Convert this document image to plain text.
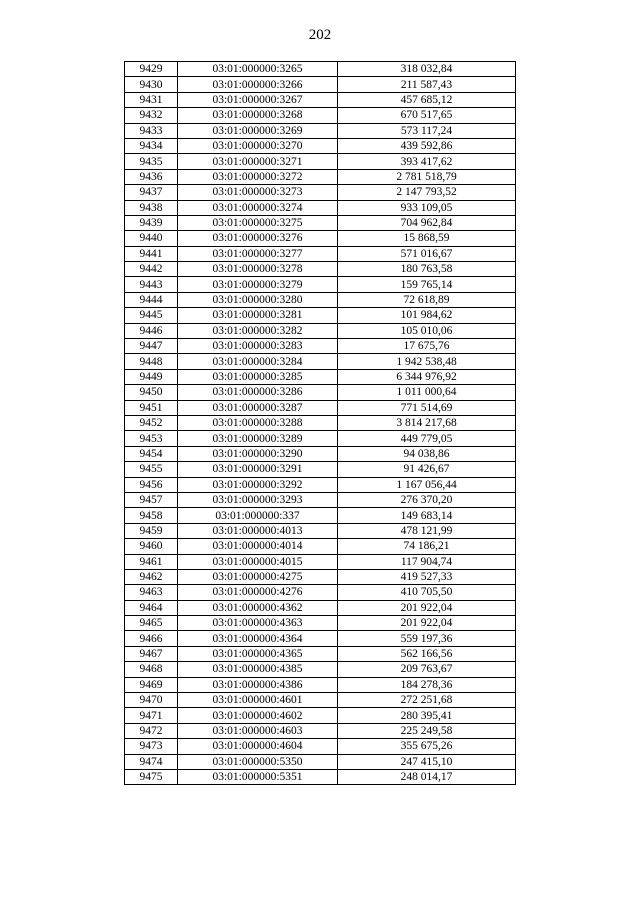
202
9429	03:01:000000:3265	318 032,84
9430	03:01:000000:3266	211 587,43
9431	03:01:000000:3267	457 685,12
9432	03:01:000000:3268	670 517,65
9433	03:01:000000:3269	573 117,24
9434	03:01:000000:3270	439 592,86
9435	03:01:000000:3271	393 417,62
9436	03:01:000000:3272	2 781 518,79
9437	03:01:000000:3273	2 147 793,52
9438	03:01:000000:3274	933 109,05
9439	03:01:000000:3275	704 962,84
9440	03:01:000000:3276	15 868,59
9441	03:01:000000:3277	571 016,67
9442	03:01:000000:3278	180 763,58
9443	03:01:000000:3279	159 765,14
9444	03:01:000000:3280	72 618,89
9445	03:01:000000:3281	101 984,62
9446	03:01:000000:3282	105 010,06
9447	03:01:000000:3283	17 675,76
9448	03:01:000000:3284	1 942 538,48
9449	03:01:000000:3285	6 344 976,92
9450	03:01:000000:3286	1 011 000,64
9451	03:01:000000:3287	771 514,69
9452	03:01:000000:3288	3 814 217,68
9453	03:01:000000:3289	449 779,05
9454	03:01:000000:3290	94 038,86
9455	03:01:000000:3291	91 426,67
9456	03:01:000000:3292	1 167 056,44
9457	03:01:000000:3293	276 370,20
9458	03:01:000000:337	149 683,14
9459	03:01:000000:4013	478 121,99
9460	03:01:000000:4014	74 186,21
9461	03:01:000000:4015	117 904,74
9462	03:01:000000:4275	419 527,33
9463	03:01:000000:4276	410 705,50
9464	03:01:000000:4362	201 922,04
9465	03:01:000000:4363	201 922,04
9466	03:01:000000:4364	559 197,36
9467	03:01:000000:4365	562 166,56
9468	03:01:000000:4385	209 763,67
9469	03:01:000000:4386	184 278,36
9470	03:01:000000:4601	272 251,68
9471	03:01:000000:4602	280 395,41
9472	03:01:000000:4603	225 249,58
9473	03:01:000000:4604	355 675,26
9474	03:01:000000:5350	247 415,10
9475	03:01:000000:5351	248 014,17
